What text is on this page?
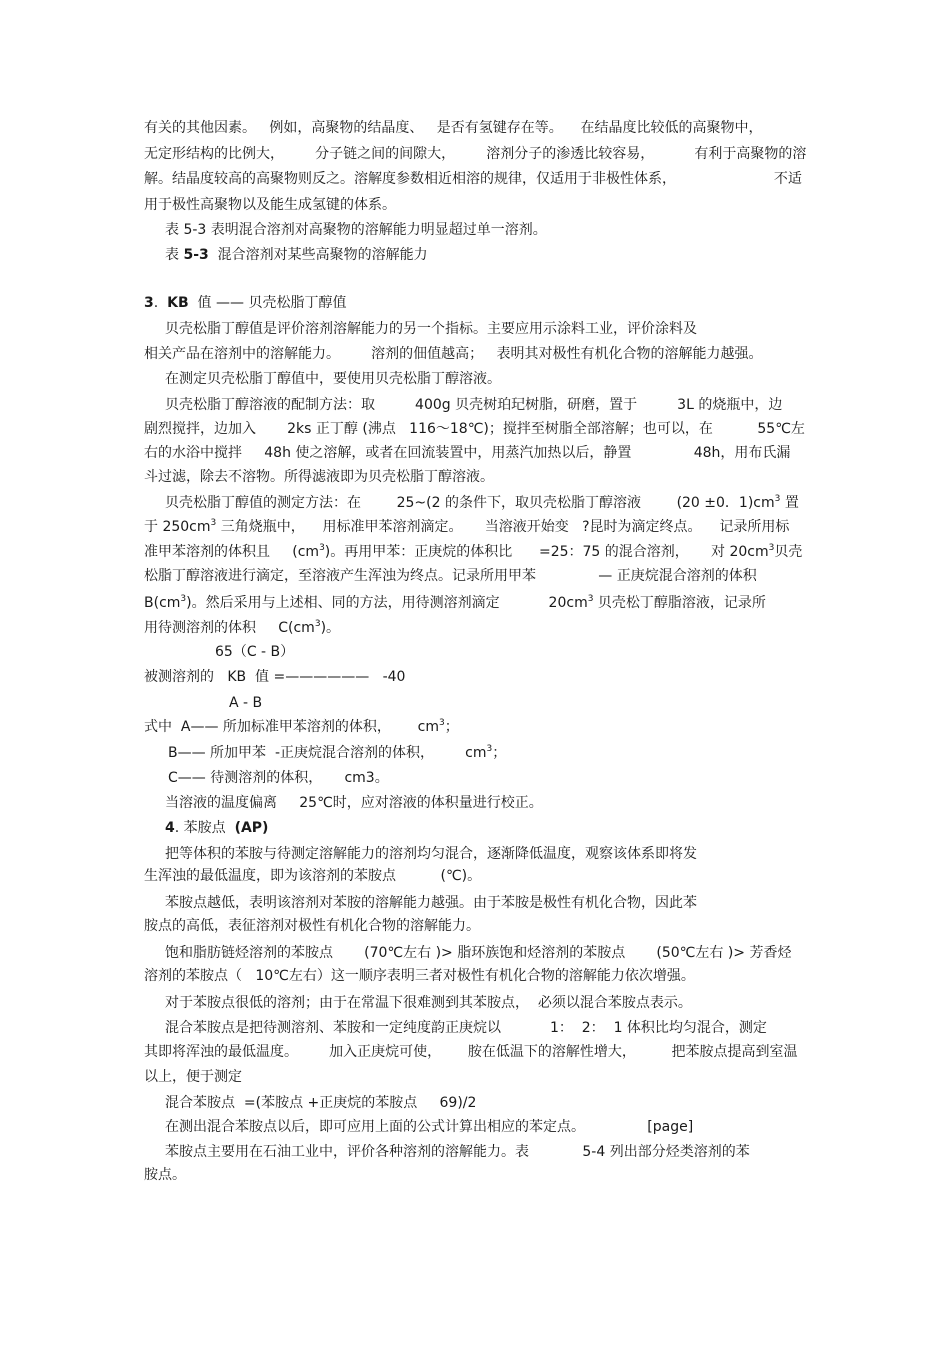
有关的其他因素。   例如，高聚物的结晶度、   是否有氢键存在等。    在结晶度比较低的高聚物中，

无定形结构的比例大，       分子链之间的间隙大，       溶剂分子的渗透比较容易，         有利于高聚物的溶

解。结晶度较高的高聚物则反之。溶解度参数相近相溶的规律，仅适用于非极性体系，                      不适

用于极性高聚物以及能生成氢键的体系。

表 5-3 表明混合溶剂对高聚物的溶解能力明显超过单一溶剂。

表 5-3  混合溶剂对某些高聚物的溶解能力

3.  KB  值 —— 贝壳松脂丁醇值

贝壳松脂丁醇值是评价溶剂溶解能力的另一个指标。主要应用示涂料工业，评价涂料及

相关产品在溶剂中的溶解能力。       溶剂的佃值越高；   表明其对极性有机化合物的溶解能力越强。

在测定贝壳松脂丁醇值中，要使用贝壳松脂丁醇溶液。

贝壳松脂丁醇溶液的配制方法：取         400g 贝壳树珀玘树脂，研磨，置于         3L 的烧瓶中，边

剧烈搅拌，边加入       2ks 正丁醇 (沸点   116～18℃)；搅拌至树脂全部溶解；也可以，在          55℃左

右的水浴中搅拌     48h 使之溶解，或者在回流装置中，用蒸汽加热以后，静置              48h，用布氏漏

斗过滤，除去不溶物。所得滤液即为贝壳松脂丁醇溶液。

贝壳松脂丁醇值的测定方法：在        25~(2 的条件下，取贝壳松脂丁醇溶液        (20 ±0．$1)cm^3$ 置

于 $250cm^3$ 三角烧瓶中，    用标准甲苯溶剂滴定。     当溶液开始变   ?昆时为滴定终点。    记录所用标

准甲苯溶剂的体积且     $(cm^3)$。再用甲苯：正庚烷的体积比      =25：75 的混合溶剂，     对 $20cm^3$贝壳

松脂丁醇溶液进行滴定，至溶液产生浑浊为终点。记录所用甲苯              — 正庚烷混合溶剂的体积

$B(cm^3)$。然后采用与上述相、同的方法，用待测溶剂滴定           $20cm^3$ 贝壳松丁醇脂溶液，记录所

用待测溶剂的体积     $C(cm^3)$。

65（C - B）

被测溶剂的   KB  值 =——————   -40

A - B

式中  A—— 所加标准甲苯溶剂的体积，      $cm^3$；

B—— 所加甲苯  -正庚烷混合溶剂的体积，       $cm^3$；

C—— 待测溶剂的体积，     cm3。

当溶液的温度偏离     25℃时，应对溶液的体积量进行校正。

4. 苯胺点  (AP)

把等体积的苯胺与待测定溶解能力的溶剂均匀混合，逐渐降低温度，观察该体系即将发

生浑浊的最低温度，即为该溶剂的苯胺点          (℃)。

苯胺点越低，表明该溶剂对苯胺的溶解能力越强。由于苯胺是极性有机化合物，因此苯

胺点的高低，表征溶剂对极性有机化合物的溶解能力。

饱和脂肪链烃溶剂的苯胺点       (70℃左右 )> 脂环族饱和烃溶剂的苯胺点       (50℃左右 )> 芳香烃

溶剂的苯胺点（   10℃左右）这一顺序表明三者对极性有机化合物的溶解能力依次增强。

对于苯胺点很低的溶剂；由于在常温下很难测到其苯胺点，  必须以混合苯胺点表示。

混合苯胺点是把待测溶剂、苯胺和一定纯度韵正庚烷以           1：  2：  1 体积比均匀混合，测定

其即将浑浊的最低温度。       加入正庚烷可使，      胺在低温下的溶解性增大，        把苯胺点提高到室温

以上，便于测定

混合苯胺点  =(苯胺点 +正庚烷的苯胺点     69)/2

在测出混合苯胺点以后，即可应用上面的公式计算出相应的苯定点。              [page]

苯胺点主要用在石油工业中，评价各种溶剂的溶解能力。表            5-4 列出部分烃类溶剂的苯

胺点。
